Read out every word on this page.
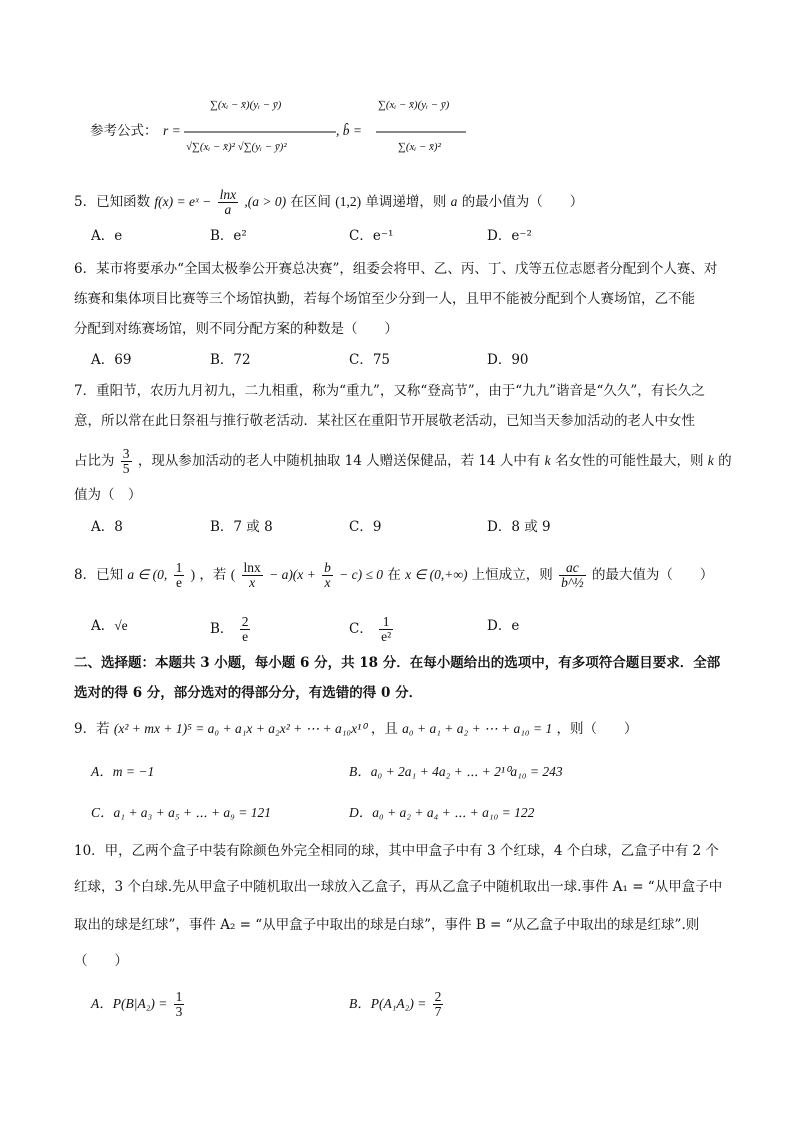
参考公式： r =
∑(xᵢ − x̄)(yᵢ − ȳ)
√∑(xᵢ − x̄)² √∑(yᵢ − ȳ)²
, b̂ =
∑(xᵢ − x̄)(yᵢ − ȳ)
∑(xᵢ − x̄)²
5．已知函数 f(x) = eˣ − $\frac{\ln x}{a} ,(a > 0)$ 在区间 (1,2) 单调递增，则 a 的最小值为（　　）
A．e	B．e²	C．e⁻¹	D．e⁻²
6．某市将要承办“全国太极拳公开赛总决赛”，组委会将甲、乙、丙、丁、戊等五位志愿者分配到个人赛、对
练赛和集体项目比赛等三个场馆执勤，若每个场馆至少分到一人，且甲不能被分配到个人赛场馆，乙不能
分配到对练赛场馆，则不同分配方案的种数是（　　）
A．69	B．72	C．75	D．90
7．重阳节，农历九月初九，二九相重，称为“重九”，又称“登高节”，由于“九九”谐音是“久久”，有长久之
意，所以常在此日祭祖与推行敬老活动．某社区在重阳节开展敬老活动，已知当天参加活动的老人中女性
占比为 $\frac{3}{5}$ ，现从参加活动的老人中随机抽取 14 人赠送保健品，若 14 人中有 k 名女性的可能性最大，则 k 的
值为（　）
A．8	B．7 或 8	C．9	D．8 或 9
8．已知 a ∈ (0, $\frac{1}{e}$ ) ，若 ( $\frac{\ln x}{x} - a)(x + \frac{b}{x} - c) \le 0$ 在 x ∈ (0,+∞) 上恒成立，则 $\frac{ac}{\text{b\textasciicircum{}½}}$ 的最大值为（　　）
A．√e	B． $\frac{2}{e}$	C． $\frac{1}{\text{e²}}$	D．e
二、选择题：本题共 3 小题，每小题 6 分，共 18 分．在每小题给出的选项中，有多项符合题目要求．全部
选对的得 6 分，部分选对的得部分分，有选错的得 0 分．
9．若 (x² + mx + 1)⁵ = a₀ + a₁x + a₂x² + ⋯ + a₁₀x¹⁰ ，且 a₀ + a₁ + a₂ + ⋯ + a₁₀ = 1 ，则（　　）
A．m = −1	B．a₀ + 2a₁ + 4a₂ + ⋯ + 2¹⁰a₁₀ = 243
C．a₁ + a₃ + a₅ + ⋯ + a₉ = 121	D．a₀ + a₂ + a₄ + ⋯ + a₁₀ = 122
10．甲，乙两个盒子中装有除颜色外完全相同的球，其中甲盒子中有 3 个红球，4 个白球，乙盒子中有 2 个
红球，3 个白球.先从甲盒子中随机取出一球放入乙盒子，再从乙盒子中随机取出一球.事件 A₁ = “从甲盒子中
取出的球是红球”，事件 A₂ = “从甲盒子中取出的球是白球”，事件 B = “从乙盒子中取出的球是红球”.则
（　　）
A．$P(B|A_2) = \frac{1}{3}$	B．$P(A_1A_2) = \frac{2}{7}$
